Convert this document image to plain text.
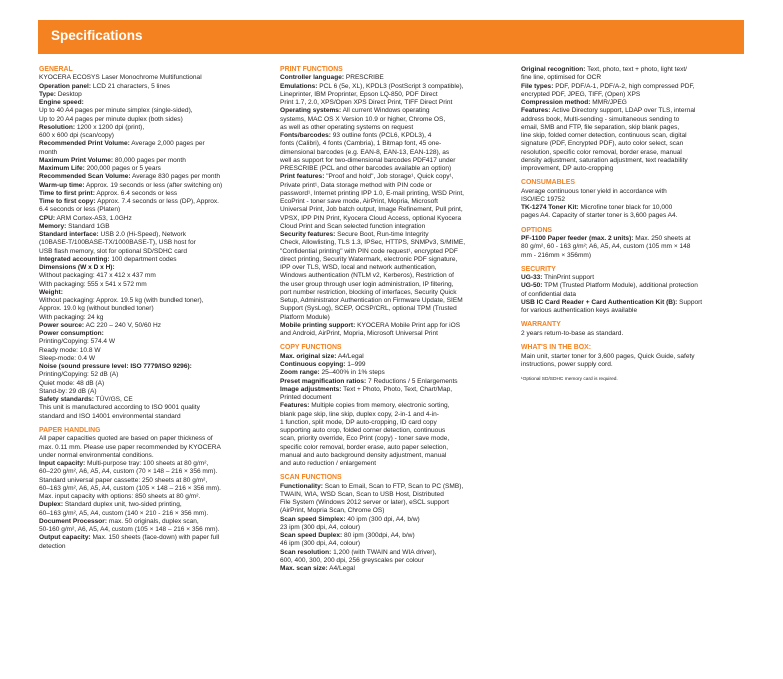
Specifications
GENERAL
KYOCERA ECOSYS Laser Monochrome Multifunctional
Operation panel: LCD 21 characters, 5 lines
Type: Desktop
Engine speed:
Up to 40 A4 pages per minute simplex (single-sided),
Up to 20 A4 pages per minute duplex (both sides)
Resolution: 1200 x 1200 dpi (print),
600 x 600 dpi (scan/copy)
Recommended Print Volume: Average 2,000 pages per
month
Maximum Print Volume: 80,000 pages per month
Maximum Life: 200,000 pages or 5 years
Recommended Scan Volume: Average 830 pages per month
Warm-up time: Approx. 19 seconds or less (after switching on)
Time to first print: Approx. 6.4 seconds or less
Time to first copy: Approx. 7.4 seconds or less (DP), Approx.
6.4 seconds or less (Platen)
CPU: ARM Cortex-A53, 1.0GHz
Memory: Standard 1GB
Standard interface: USB 2.0 (Hi-Speed), Network
(10BASE-T/100BASE-TX/1000BASE-T), USB host for
USB flash memory, slot for optional SD/SDHC card
Integrated accounting: 100 department codes
Dimensions (W x D x H):
Without packaging: 417 x 412 x 437 mm
With packaging: 555 x 541 x 572 mm
Weight:
Without packaging: Approx. 19.5 kg (with bundled toner),
Approx. 19.0 kg (without bundled toner)
With packaging: 24 kg
Power source: AC 220 – 240 V, 50/60 Hz
Power consumption:
Printing/Copying: 574.4 W
Ready mode: 10.8 W
Sleep-mode: 0.4 W
Noise (sound pressure level: ISO 7779/ISO 9296):
Printing/Copying: 52 dB (A)
Quiet mode: 48 dB (A)
Stand-by: 29 dB (A)
Safety standards: TÜV/GS, CE
This unit is manufactured according to ISO 9001 quality
standard and ISO 14001 environmental standard
PAPER HANDLING
All paper capacities quoted are based on paper thickness of
max. 0.11 mm. Please use paper recommended by KYOCERA
under normal environmental conditions.
Input capacity: Multi-purpose tray: 100 sheets at 80 g/m²,
60–220 g/m², A6, A5, A4, custom (70 × 148 – 216 × 356 mm).
Standard universal paper cassette: 250 sheets at 80 g/m²,
60–163 g/m², A6, A5, A4, custom (105 × 148 – 216 × 356 mm).
Max. input capacity with options: 850 sheets at 80 g/m².
Duplex: Standard duplex unit, two-sided printing,
60–163 g/m², A5, A4, custom (140 × 210 - 216 × 356 mm).
Document Processor: max. 50 originals, duplex scan,
50-160 g/m², A6, A5, A4, custom (105 × 148 – 216 × 356 mm).
Output capacity: Max. 150 sheets (face-down) with paper full
detection
PRINT FUNCTIONS
Controller language: PRESCRIBE
Emulations: PCL 6 (5e, XL), KPDL3 (PostScript 3 compatible),
Lineprinter, IBM Proprinter, Epson LQ-850, PDF Direct
Print 1.7, 2.0, XPS/Open XPS Direct Print, TIFF Direct Print
Operating systems: All current Windows operating
systems, MAC OS X Version 10.9 or higher, Chrome OS,
as well as other operating systems on request
Fonts/barcodes: 93 outline fonts (PCL6, KPDL3), 4
fonts (Calibri), 4 fonts (Cambria), 1 Bitmap font, 45 one-
dimensional barcodes (e.g. EAN-8, EAN-13, EAN-128), as
well as support for two-dimensional barcodes PDF417 under
PRESCRIBE (PCL and other barcodes available an option)
Print features: "Proof and hold", Job storage¹, Quick copy¹,
Private print¹, Data storage method with PIN code or
password¹, Internet printing IPP 1.0, E-mail printing, WSD Print,
EcoPrint - toner save mode, AirPrint, Mopria, Microsoft
Universal Print, Job batch output, Image Refinement, Pull print,
VPSX, IPP PIN Print, Kyocera Cloud Access, optional Kyocera
Cloud Print and Scan selected function integration
Security features: Secure Boot, Run-time Integrity
Check, Allowlisting, TLS 1.3, IPSec, HTTPS, SNMPv3, S/MIME,
"Confidential printing" with PIN code request¹, encrypted PDF
direct printing, Security Watermark, electronic PDF signature,
IPP over TLS, WSD, local and network authentication,
Windows authentication (NTLM v2, Kerberos), Restriction of
the user group through user login administration, IP filtering,
port number restriction, blocking of interfaces, Security Quick
Setup, Administrator Authentication on Firmware Update, SIEM
Support (SysLog), SCEP, OCSP/CRL, optional TPM (Trusted
Platform Module)
Mobile printing support: KYOCERA Mobile Print app for iOS
and Android, AirPrint, Mopria, Microsoft Universal Print
COPY FUNCTIONS
Max. original size: A4/Legal
Continuous copying: 1–999
Zoom range: 25–400% in 1% steps
Preset magnification ratios: 7 Reductions / 5 Enlargements
Image adjustments: Text + Photo, Photo, Text, Chart/Map,
Printed document
Features: Multiple copies from memory, electronic sorting,
blank page skip, line skip, duplex copy, 2-in-1 and 4-in-
1 function, split mode, DP auto-cropping, ID card copy
supporting auto crop, folded corner detection, continuous
scan, priority override, Eco Print (copy) - toner save mode,
specific color removal, border erase, auto paper selection,
manual and auto background density adjustment, manual
and auto reduction / enlargement
SCAN FUNCTIONS
Functionality: Scan to Email, Scan to FTP, Scan to PC (SMB),
TWAIN, WIA, WSD Scan, Scan to USB Host, Distributed
File System (Windows 2012 server or later), eSCL support
(AirPrint, Mopria Scan, Chrome OS)
Scan speed Simplex: 40 ipm (300 dpi, A4, b/w)
23 ipm (300 dpi, A4, colour)
Scan speed Duplex: 80 ipm (300dpi, A4, b/w)
46 ipm (300 dpi, A4, colour)
Scan resolution: 1,200 (with TWAIN and WIA driver),
600, 400, 300, 200 dpi, 256 greyscales per colour
Max. scan size: A4/Legal
Original recognition: Text, photo, text + photo, light text/
fine line, optimised for OCR
File types: PDF, PDF/A-1, PDF/A-2, high compressed PDF,
encrypted PDF, JPEG, TIFF, (Open) XPS
Compression method: MMR/JPEG
Features: Active Directory support, LDAP over TLS, internal
address book, Multi-sending - simultaneous sending to
email, SMB and FTP, file separation, skip blank pages,
line skip, folded corner detection, continuous scan, digital
signature (PDF, Encrypted PDF), auto color select, scan
resolution, specific color removal, border erase, manual
density adjustment, saturation adjustment, text readability
improvement, DP auto-cropping
CONSUMABLES
Average continuous toner yield in accordance with
ISO/IEC 19752
TK-1274 Toner Kit: Microfine toner black for 10,000
pages A4. Capacity of starter toner is 3,600 pages A4.
OPTIONS
PF-1100 Paper feeder (max. 2 units): Max. 250 sheets at
80 g/m², 60 - 163 g/m²; A6, A5, A4, custom (105 mm × 148
mm - 216mm × 356mm)
SECURITY
UG-33: ThinPrint support
UG-50: TPM (Trusted Platform Module), additional protection
of confidential data
USB IC Card Reader + Card Authentication Kit (B): Support
for various authentication keys available
WARRANTY
2 years return-to-base as standard.
WHAT'S IN THE BOX:
Main unit, starter toner for 3,600 pages, Quick Guide, safety
instructions, power supply cord.
¹Optional SD/SDHC memory card is required.
